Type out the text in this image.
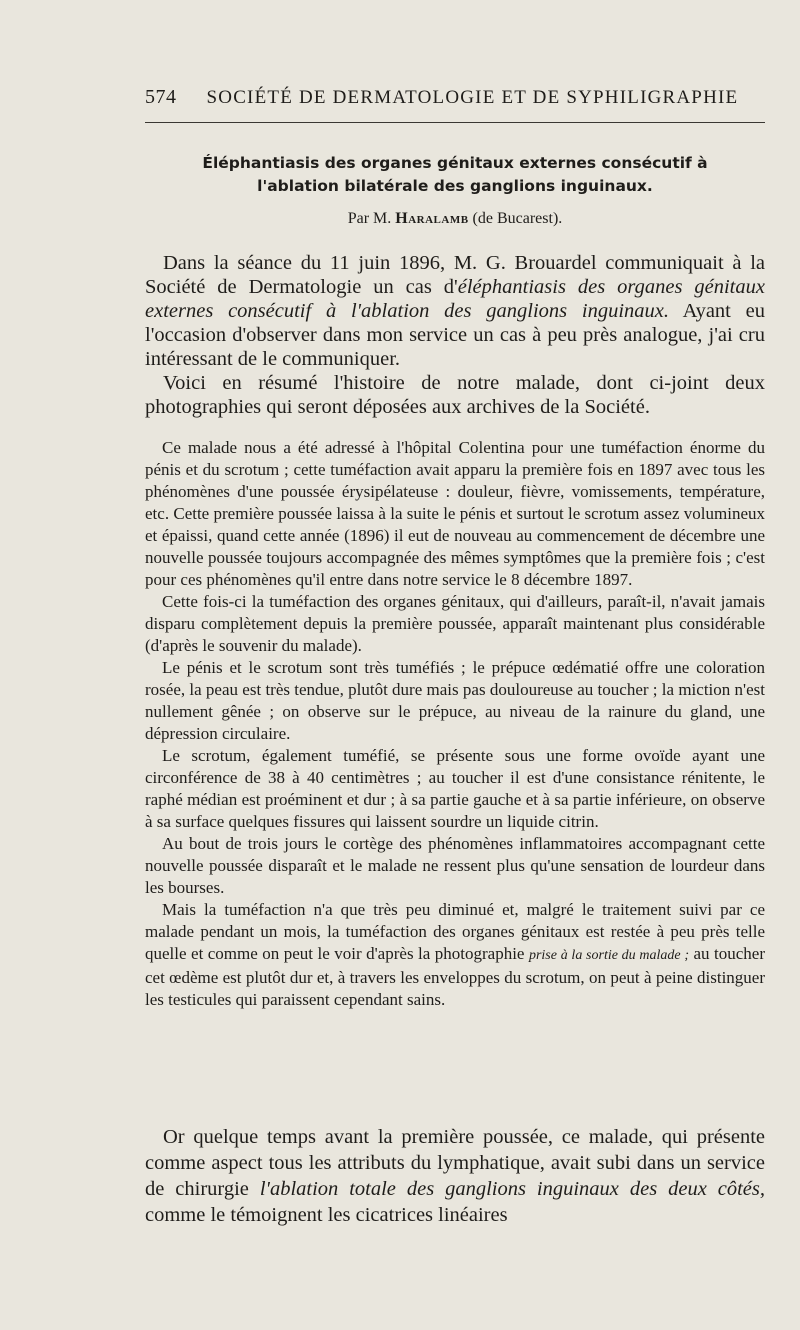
574 SOCIÉTÉ DE DERMATOLOGIE ET DE SYPHILIGRAPHIE
Éléphantiasis des organes génitaux externes consécutif à
l'ablation bilatérale des ganglions inguinaux.
Par M. Haralamb (de Bucarest).

Dans la séance du 11 juin 1896, M. G. Brouardel communiquait à la Société de Dermatologie un cas d'éléphantiasis des organes génitaux externes consécutif à l'ablation des ganglions inguinaux. Ayant eu l'occasion d'observer dans mon service un cas à peu près analogue, j'ai cru intéressant de le communiquer.

Voici en résumé l'histoire de notre malade, dont ci-joint deux photographies qui seront déposées aux archives de la Société.

Ce malade nous a été adressé à l'hôpital Colentina pour une tuméfaction énorme du pénis et du scrotum ; cette tuméfaction avait apparu la première fois en 1897 avec tous les phénomènes d'une poussée érysipélateuse : douleur, fièvre, vomissements, température, etc. Cette première poussée laissa à la suite le pénis et surtout le scrotum assez volumineux et épaissi, quand cette année (1896) il eut de nouveau au commencement de décembre une nouvelle poussée toujours accompagnée des mêmes symptômes que la première fois ; c'est pour ces phénomènes qu'il entre dans notre service le 8 décembre 1897.

Cette fois-ci la tuméfaction des organes génitaux, qui d'ailleurs, paraît-il, n'avait jamais disparu complètement depuis la première poussée, apparaît maintenant plus considérable (d'après le souvenir du malade).

Le pénis et le scrotum sont très tuméfiés ; le prépuce œdématié offre une coloration rosée, la peau est très tendue, plutôt dure mais pas douloureuse au toucher ; la miction n'est nullement gênée ; on observe sur le prépuce, au niveau de la rainure du gland, une dépression circulaire.

Le scrotum, également tuméfié, se présente sous une forme ovoïde ayant une circonférence de 38 à 40 centimètres ; au toucher il est d'une consistance rénitente, le raphé médian est proéminent et dur ; à sa partie gauche et à sa partie inférieure, on observe à sa surface quelques fissures qui laissent sourdre un liquide citrin.

Au bout de trois jours le cortège des phénomènes inflammatoires accompagnant cette nouvelle poussée disparaît et le malade ne ressent plus qu'une sensation de lourdeur dans les bourses.

Mais la tuméfaction n'a que très peu diminué et, malgré le traitement suivi par ce malade pendant un mois, la tuméfaction des organes génitaux est restée à peu près telle quelle et comme on peut le voir d'après la photographie prise à la sortie du malade ; au toucher cet œdème est plutôt dur et, à travers les enveloppes du scrotum, on peut à peine distinguer les testicules qui paraissent cependant sains.

Or quelque temps avant la première poussée, ce malade, qui présente comme aspect tous les attributs du lymphatique, avait subi dans un service de chirurgie l'ablation totale des ganglions inguinaux des deux côtés, comme le témoignent les cicatrices linéaires
